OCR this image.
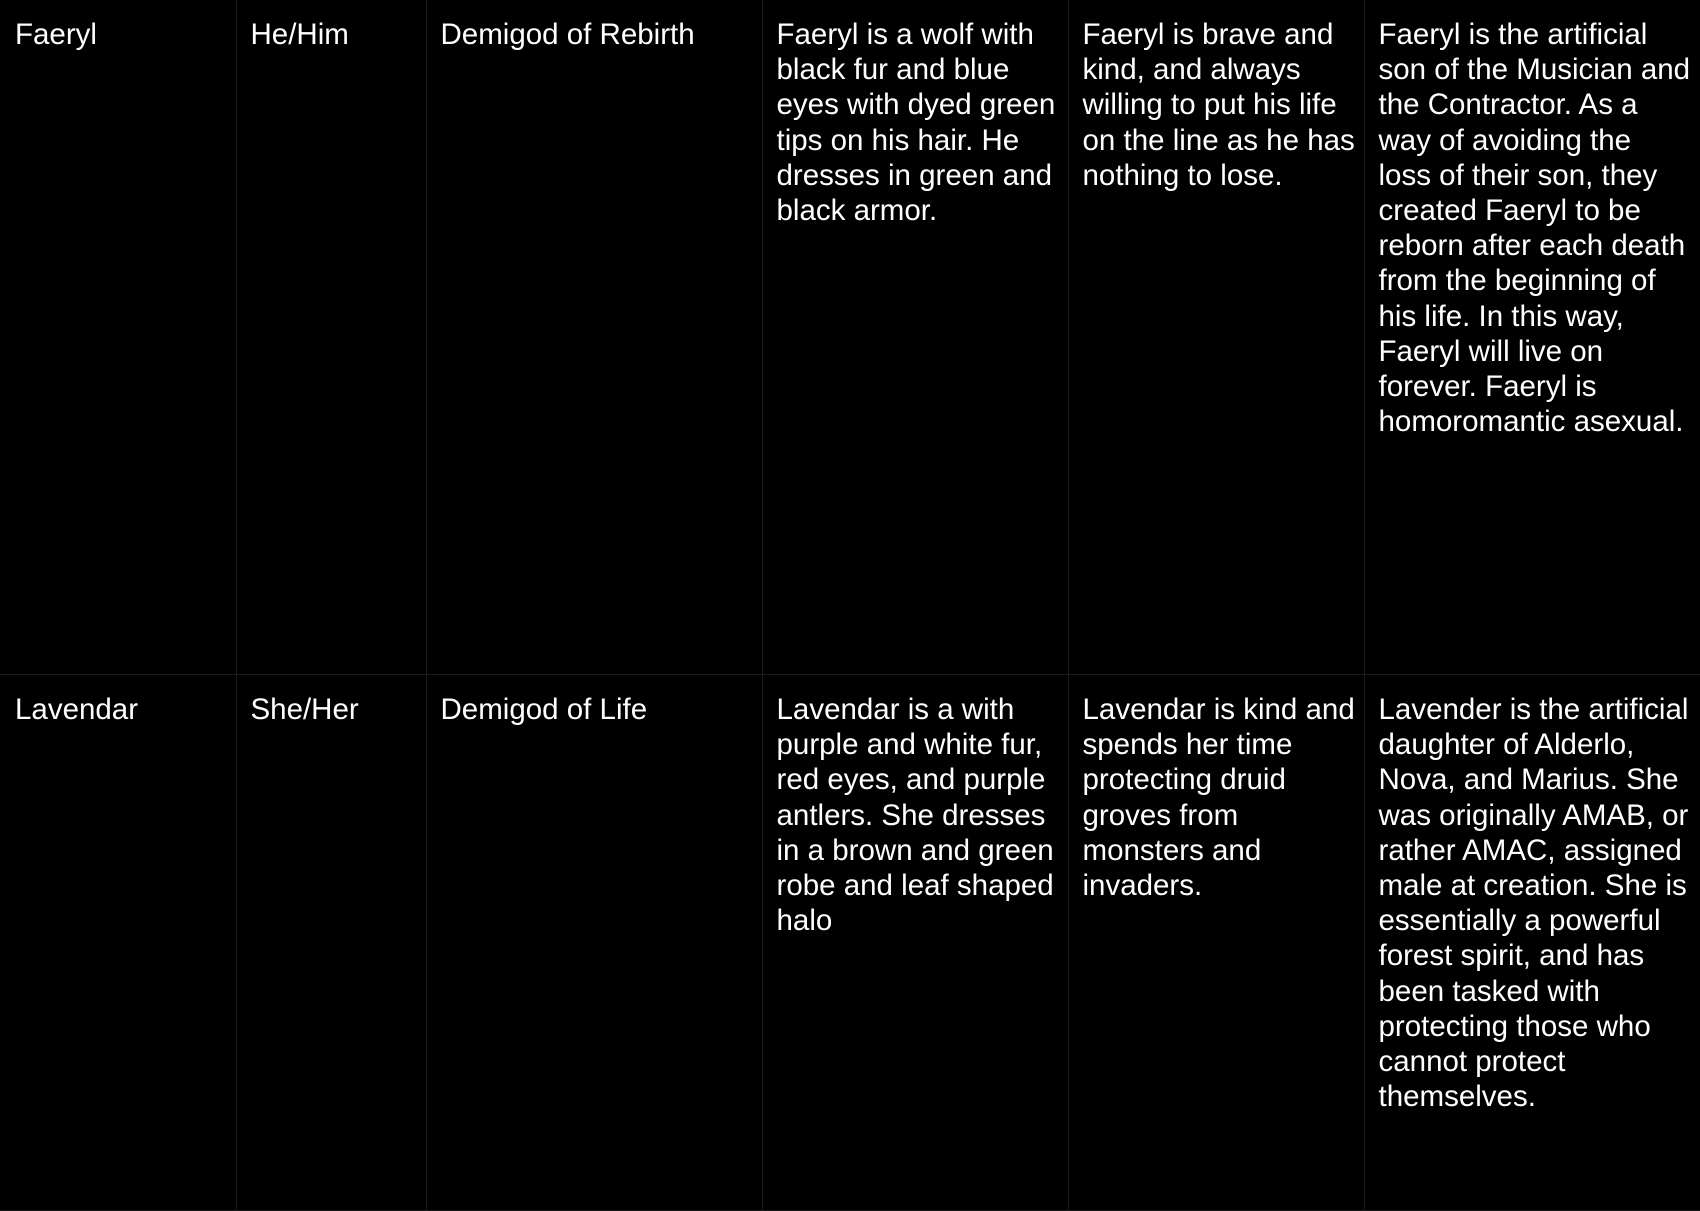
Faeryl	He/Him	Demigod of Rebirth	Faeryl is a wolf with black fur and blue eyes with dyed green tips on his hair. He dresses in green and black armor.	Faeryl is brave and kind, and always willing to put his life on the line as he has nothing to lose.	Faeryl is the artificial son of the Musician and the Contractor. As a way of avoiding the loss of their son, they created Faeryl to be reborn after each death from the beginning of his life. In this way, Faeryl will live on forever. Faeryl is homoromantic asexual.

Lavendar	She/Her	Demigod of Life	Lavendar is a with purple and white fur, red eyes, and purple antlers. She dresses in a brown and green robe and leaf shaped halo	Lavendar is kind and spends her time protecting druid groves from monsters and invaders.	Lavender is the artificial daughter of Alderlo, Nova, and Marius. She was originally AMAB, or rather AMAC, assigned male at creation. She is essentially a powerful forest spirit, and has been tasked with protecting those who cannot protect themselves.
